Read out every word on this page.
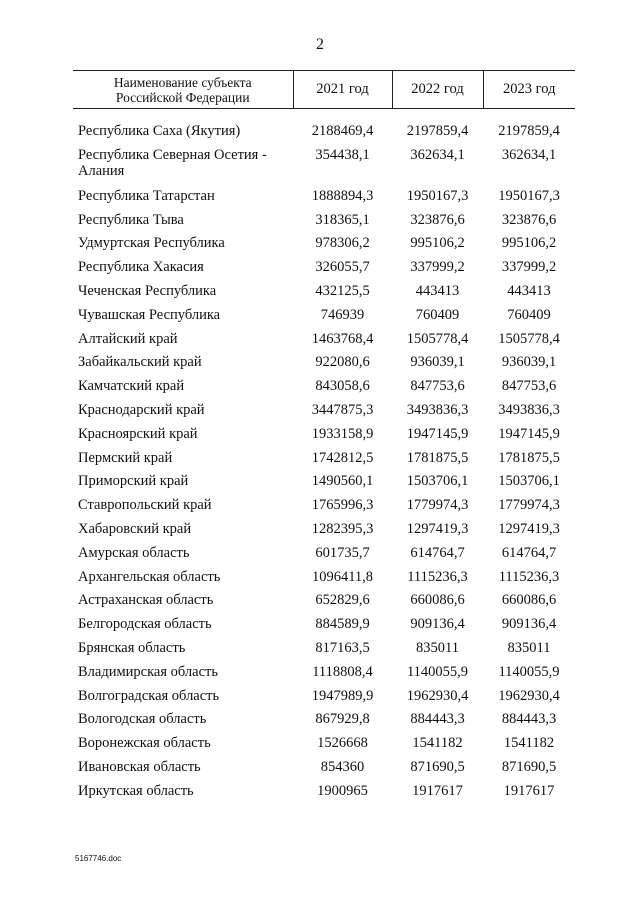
2
Наименование субъекта
Российской Федерации	2021 год	2022 год	2023 год

Республика Саха (Якутия)	2188469,4	2197859,4	2197859,4
Республика Северная Осетия - Алания	354438,1	362634,1	362634,1
Республика Татарстан	1888894,3	1950167,3	1950167,3
Республика Тыва	318365,1	323876,6	323876,6
Удмуртская Республика	978306,2	995106,2	995106,2
Республика Хакасия	326055,7	337999,2	337999,2
Чеченская Республика	432125,5	443413	443413
Чувашская Республика	746939	760409	760409
Алтайский край	1463768,4	1505778,4	1505778,4
Забайкальский край	922080,6	936039,1	936039,1
Камчатский край	843058,6	847753,6	847753,6
Краснодарский край	3447875,3	3493836,3	3493836,3
Красноярский край	1933158,9	1947145,9	1947145,9
Пермский край	1742812,5	1781875,5	1781875,5
Приморский край	1490560,1	1503706,1	1503706,1
Ставропольский край	1765996,3	1779974,3	1779974,3
Хабаровский край	1282395,3	1297419,3	1297419,3
Амурская область	601735,7	614764,7	614764,7
Архангельская область	1096411,8	1115236,3	1115236,3
Астраханская область	652829,6	660086,6	660086,6
Белгородская область	884589,9	909136,4	909136,4
Брянская область	817163,5	835011	835011
Владимирская область	1118808,4	1140055,9	1140055,9
Волгоградская область	1947989,9	1962930,4	1962930,4
Вологодская область	867929,8	884443,3	884443,3
Воронежская область	1526668	1541182	1541182
Ивановская область	854360	871690,5	871690,5
Иркутская область	1900965	1917617	1917617
5167746.doc
